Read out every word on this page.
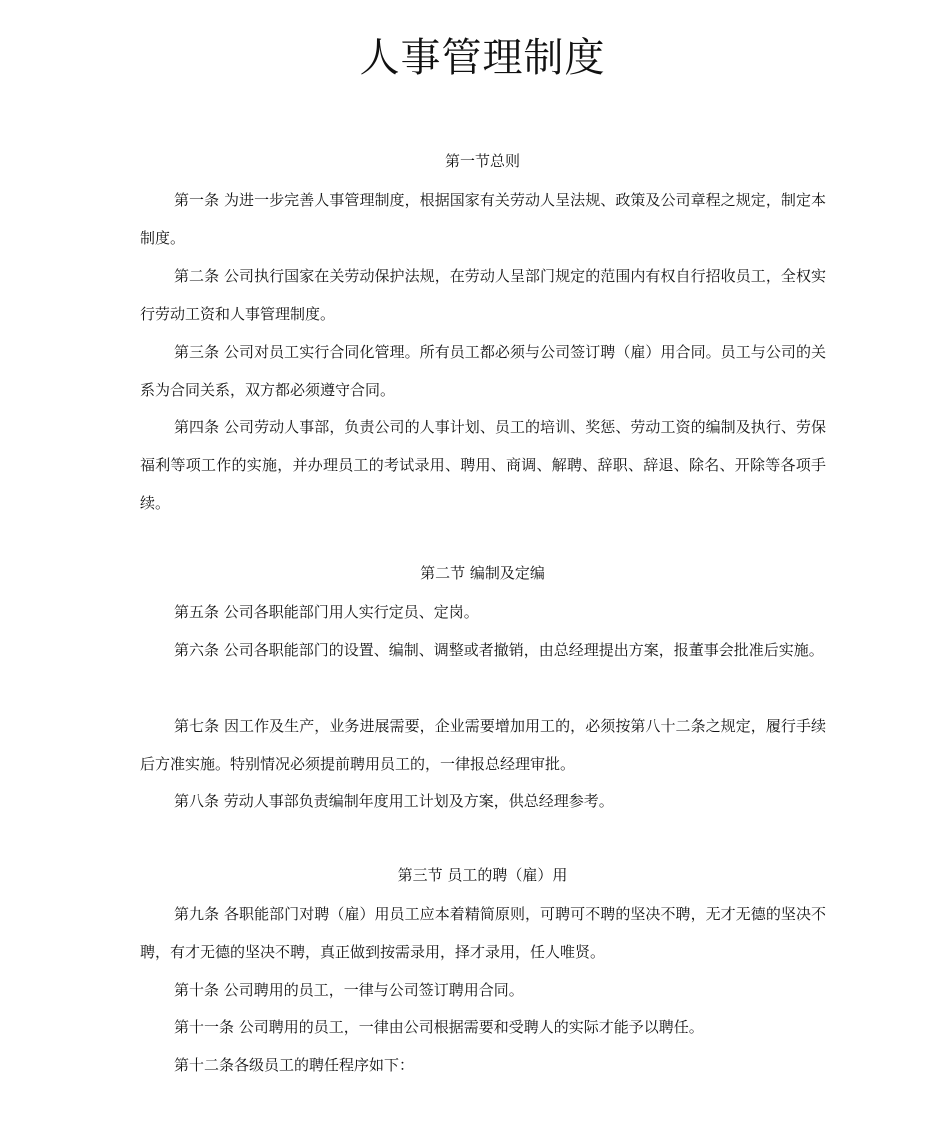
人事管理制度
第一节总则

第一条 为进一步完善人事管理制度，根据国家有关劳动人呈法规、政策及公司章程之规定，制定本制度。

第二条 公司执行国家在关劳动保护法规，在劳动人呈部门规定的范围内有权自行招收员工，全权实行劳动工资和人事管理制度。

第三条 公司对员工实行合同化管理。所有员工都必须与公司签订聘（雇）用合同。员工与公司的关系为合同关系，双方都必须遵守合同。

第四条 公司劳动人事部，负责公司的人事计划、员工的培训、奖惩、劳动工资的编制及执行、劳保福利等项工作的实施，并办理员工的考试录用、聘用、商调、解聘、辞职、辞退、除名、开除等各项手续。

第二节 编制及定编

第五条 公司各职能部门用人实行定员、定岗。

第六条 公司各职能部门的设置、编制、调整或者撤销，由总经理提出方案，报董事会批准后实施。

第七条 因工作及生产，业务进展需要，企业需要增加用工的，必须按第八十二条之规定，履行手续后方准实施。特别情况必须提前聘用员工的，一律报总经理审批。

第八条 劳动人事部负责编制年度用工计划及方案，供总经理参考。

第三节 员工的聘（雇）用

第九条 各职能部门对聘（雇）用员工应本着精简原则，可聘可不聘的坚决不聘，无才无德的坚决不聘，有才无德的坚决不聘，真正做到按需录用，择才录用，任人唯贤。

第十条 公司聘用的员工，一律与公司签订聘用合同。

第十一条 公司聘用的员工，一律由公司根据需要和受聘人的实际才能予以聘任。

第十二条各级员工的聘任程序如下：
